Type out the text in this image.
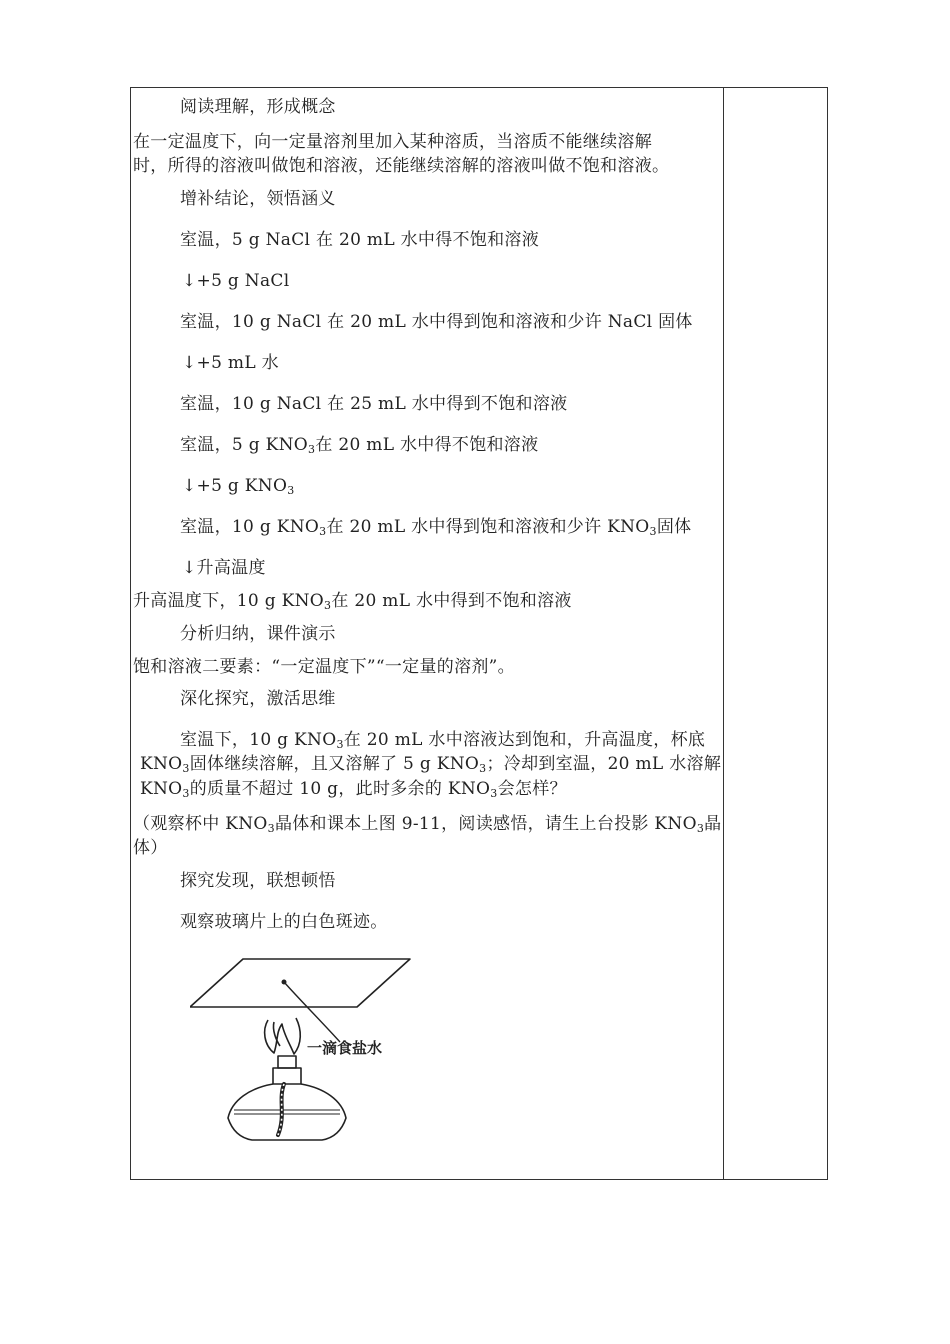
阅读理解，形成概念
在一定温度下，向一定量溶剂里加入某种溶质，当溶质不能继续溶解
时，所得的溶液叫做饱和溶液，还能继续溶解的溶液叫做不饱和溶液。
增补结论，领悟涵义
室温，5 g NaCl 在 20 mL 水中得不饱和溶液
↓+5 g NaCl
室温，10 g NaCl 在 20 mL 水中得到饱和溶液和少许 NaCl 固体
↓+5 mL 水
室温，10 g NaCl 在 25 mL 水中得到不饱和溶液
室温，5 g $KNO_3$在 20 mL 水中得不饱和溶液
↓+5 g $KNO_3$
室温，10 g $KNO_3$在 20 mL 水中得到饱和溶液和少许 $KNO_3$固体
↓升高温度
升高温度下，10 g $KNO_3$在 20 mL 水中得到不饱和溶液
分析归纳，课件演示
饱和溶液二要素：“一定温度下”“一定量的溶剂”。
深化探究，激活思维
室温下，10 g $KNO_3$在 20 mL 水中溶液达到饱和，升高温度，杯底
$KNO_3$固体继续溶解，且又溶解了 5 g $KNO_3$；冷却到室温，20 mL 水溶解
$KNO_3$的质量不超过 10 g，此时多余的 $KNO_3$会怎样？
（观察杯中 $KNO_3$晶体和课本上图 9-11，阅读感悟，请生上台投影 $KNO_3$晶
体）
探究发现，联想顿悟
观察玻璃片上的白色斑迹。
一滴食盐水
